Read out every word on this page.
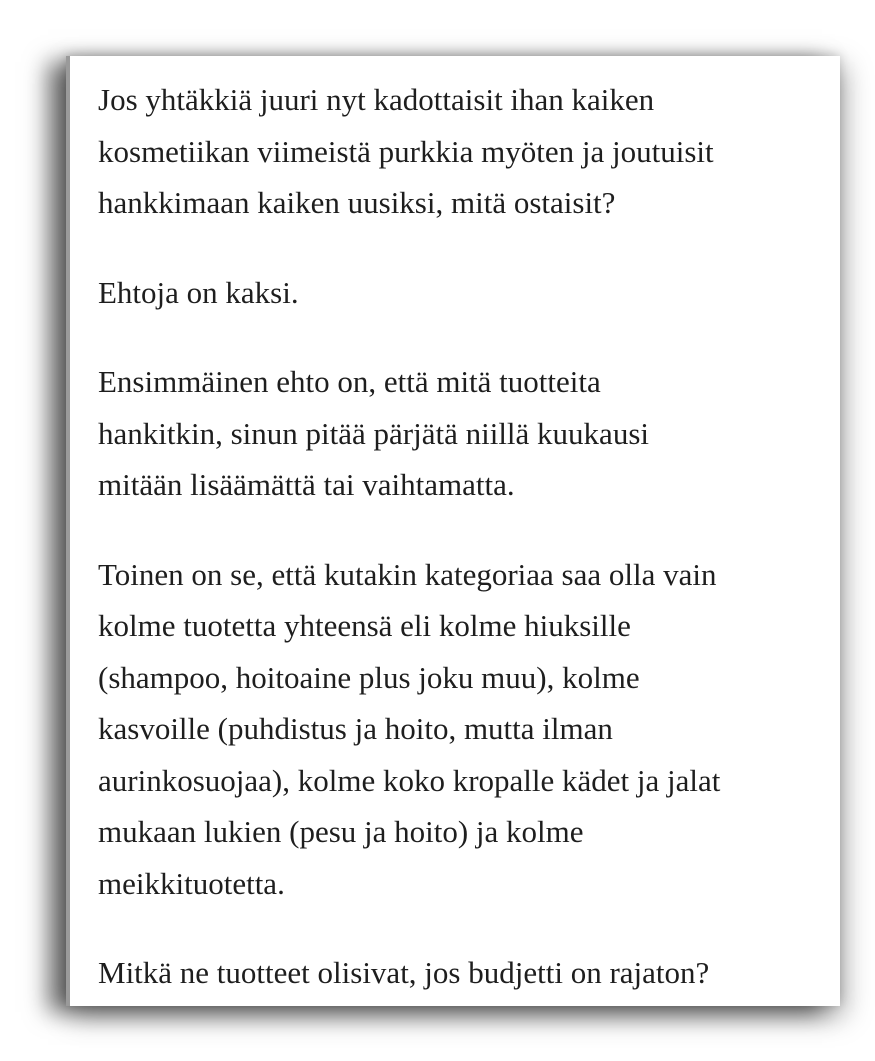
Jos yhtäkkiä juuri nyt kadottaisit ihan kaiken
kosmetiikan viimeistä purkkia myöten ja joutuisit
hankkimaan kaiken uusiksi, mitä ostaisit?

Ehtoja on kaksi.

Ensimmäinen ehto on, että mitä tuotteita
hankitkin, sinun pitää pärjätä niillä kuukausi
mitään lisäämättä tai vaihtamatta.

Toinen on se, että kutakin kategoriaa saa olla vain
kolme tuotetta yhteensä eli kolme hiuksille
(shampoo, hoitoaine plus joku muu), kolme
kasvoille (puhdistus ja hoito, mutta ilman
aurinkosuojaa), kolme koko kropalle kädet ja jalat
mukaan lukien (pesu ja hoito) ja kolme
meikkituotetta.

Mitkä ne tuotteet olisivat, jos budjetti on rajaton?
